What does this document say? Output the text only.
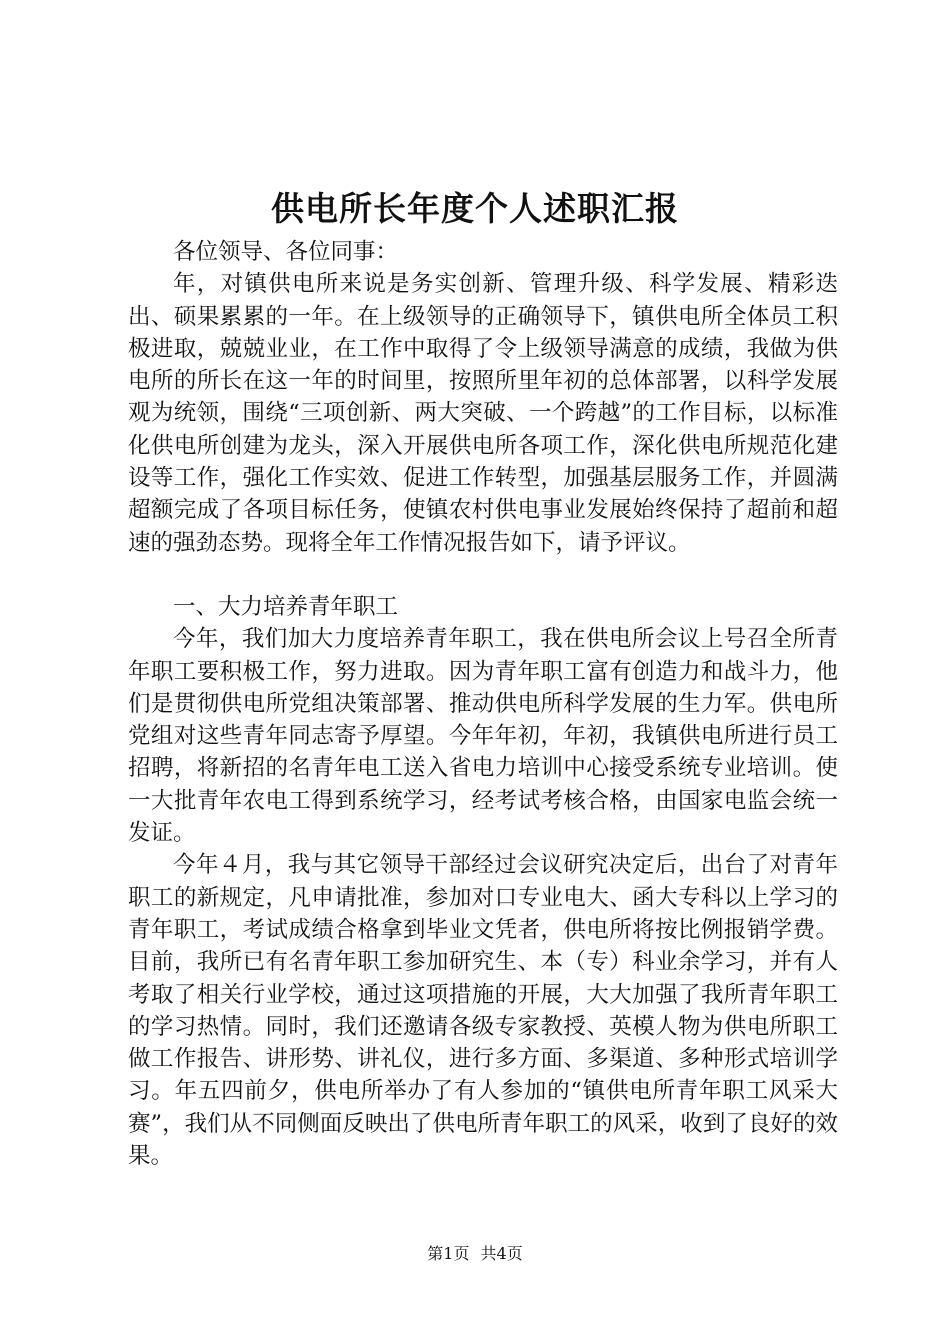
供电所长年度个人述职汇报

各位领导、各位同事：

年，对镇供电所来说是务实创新、管理升级、科学发展、精彩迭出、硕果累累的一年。在上级领导的正确领导下，镇供电所全体员工积极进取，兢兢业业，在工作中取得了令上级领导满意的成绩，我做为供电所的所长在这一年的时间里，按照所里年初的总体部署，以科学发展观为统领，围绕“三项创新、两大突破、一个跨越”的工作目标，以标准化供电所创建为龙头，深入开展供电所各项工作，深化供电所规范化建设等工作，强化工作实效、促进工作转型，加强基层服务工作，并圆满超额完成了各项目标任务，使镇农村供电事业发展始终保持了超前和超速的强劲态势。现将全年工作情况报告如下，请予评议。

一、大力培养青年职工

今年，我们加大力度培养青年职工，我在供电所会议上号召全所青年职工要积极工作，努力进取。因为青年职工富有创造力和战斗力，他们是贯彻供电所党组决策部署、推动供电所科学发展的生力军。供电所党组对这些青年同志寄予厚望。今年年初，年初，我镇供电所进行员工招聘，将新招的名青年电工送入省电力培训中心接受系统专业培训。使一大批青年农电工得到系统学习，经考试考核合格，由国家电监会统一发证。

今年４月，我与其它领导干部经过会议研究决定后，出台了对青年职工的新规定，凡申请批准，参加对口专业电大、函大专科以上学习的青年职工，考试成绩合格拿到毕业文凭者，供电所将按比例报销学费。目前，我所已有名青年职工参加研究生、本（专）科业余学习，并有人考取了相关行业学校，通过这项措施的开展，大大加强了我所青年职工的学习热情。同时，我们还邀请各级专家教授、英模人物为供电所职工做工作报告、讲形势、讲礼仪，进行多方面、多渠道、多种形式培训学习。年五四前夕，供电所举办了有人参加的“镇供电所青年职工风采大赛”，我们从不同侧面反映出了供电所青年职工的风采，收到了良好的效果。

第1页 共4页
